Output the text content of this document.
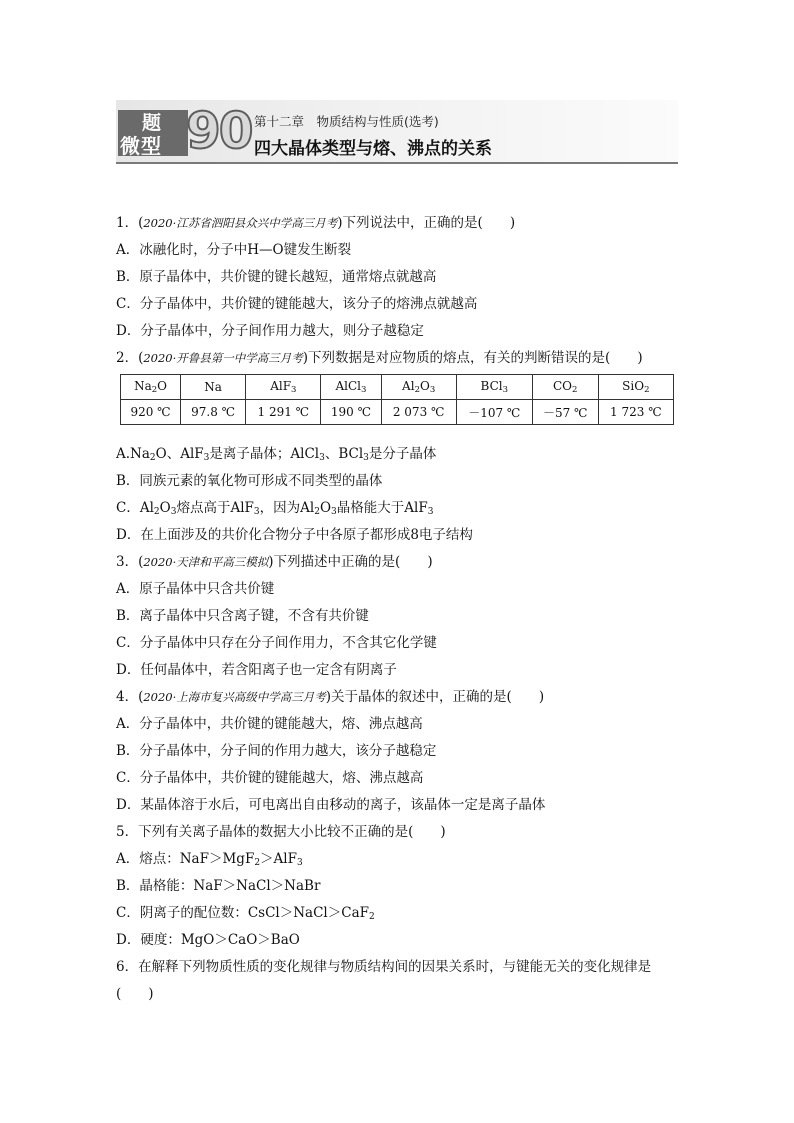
题
微型 90 第十二章　物质结构与性质(选考)
四大晶体类型与熔、沸点的关系
1．(2020·江苏省泗阳县众兴中学高三月考)下列说法中，正确的是(　　)
A．冰融化时，分子中H—O键发生断裂
B．原子晶体中，共价键的键长越短，通常熔点就越高
C．分子晶体中，共价键的键能越大，该分子的熔沸点就越高
D．分子晶体中，分子间作用力越大，则分子越稳定
2．(2020·开鲁县第一中学高三月考)下列数据是对应物质的熔点，有关的判断错误的是(　　)
$Na_2O$	Na	AlF$_3$	AlCl$_3$	$Al_2O_3$	BCl$_3$	$CO_2$	SiO$_2$
920 ℃	97.8 ℃	1 291 ℃	190 ℃	2 073 ℃	－107 ℃	－57 ℃	1 723 ℃
$A.Na_2O$、AlF$_3$是离子晶体；AlCl$_3$、BCl$_3$是分子晶体
B．同族元素的氧化物可形成不同类型的晶体
C．$Al_2O_3$熔点高于AlF$_3$，因为$Al_2O_3$晶格能大于AlF$_3$
D．在上面涉及的共价化合物分子中各原子都形成8电子结构
3．(2020·天津和平高三模拟)下列描述中正确的是(　　)
A．原子晶体中只含共价键
B．离子晶体中只含离子键，不含有共价键
C．分子晶体中只存在分子间作用力，不含其它化学键
D．任何晶体中，若含阳离子也一定含有阴离子
4．(2020·上海市复兴高级中学高三月考)关于晶体的叙述中，正确的是(　　)
A．分子晶体中，共价键的键能越大，熔、沸点越高
B．分子晶体中，分子间的作用力越大，该分子越稳定
C．分子晶体中，共价键的键能越大，熔、沸点越高
D．某晶体溶于水后，可电离出自由移动的离子，该晶体一定是离子晶体
5．下列有关离子晶体的数据大小比较不正确的是(　　)
A．熔点：NaF＞MgF$_2$＞AlF$_3$
B．晶格能：NaF＞NaCl＞NaBr
C．阴离子的配位数：CsCl＞NaCl＞CaF$_2$
D．硬度：MgO＞CaO＞BaO
6．在解释下列物质性质的变化规律与物质结构间的因果关系时，与键能无关的变化规律是
(　　)
